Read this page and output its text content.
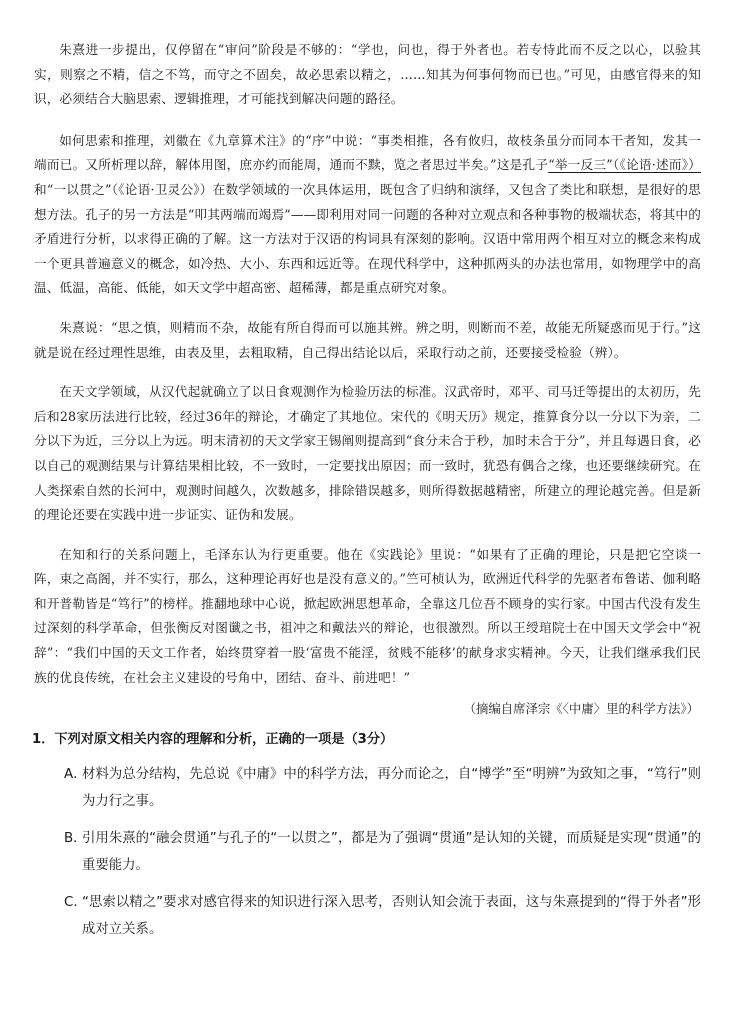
朱熹进一步提出，仅停留在“审问”阶段是不够的：“学也，问也，得于外者也。若专恃此而不反之以心，以验其实，则察之不精，信之不笃，而守之不固矣，故必思索以精之，……知其为何事何物而已也。”可见，由感官得来的知识，必须结合大脑思索、逻辑推理，才可能找到解决问题的路径。

如何思索和推理，刘徽在《九章算术注》的“序”中说：“事类相推，各有攸归，故枝条虽分而同本干者知，发其一端而已。又所析理以辞，解体用图，庶亦约而能周，通而不黩，览之者思过半矣。”这是孔子“举一反三”（《论语·述而》）和“一以贯之”（《论语·卫灵公》）在数学领域的一次具体运用，既包含了归纳和演绎，又包含了类比和联想，是很好的思想方法。孔子的另一方法是“叩其两端而竭焉”——即利用对同一问题的各种对立观点和各种事物的极端状态，将其中的矛盾进行分析，以求得正确的了解。这一方法对于汉语的构词具有深刻的影响。汉语中常用两个相互对立的概念来构成一个更具普遍意义的概念，如冷热、大小、东西和远近等。在现代科学中，这种抓两头的办法也常用，如物理学中的高温、低温，高能、低能，如天文学中超高密、超稀薄，都是重点研究对象。

朱熹说：“思之慎，则精而不杂，故能有所自得而可以施其辨。辨之明，则断而不差，故能无所疑惑而见于行。”这就是说在经过理性思维，由表及里，去粗取精，自己得出结论以后，采取行动之前，还要接受检验（辨）。

在天文学领域，从汉代起就确立了以日食观测作为检验历法的标准。汉武帝时，邓平、司马迁等提出的太初历，先后和28家历法进行比较，经过36年的辩论，才确定了其地位。宋代的《明天历》规定，推算食分以一分以下为亲，二分以下为近，三分以上为远。明末清初的天文学家王锡阐则提高到“食分未合于秒，加时未合于分”，并且每遇日食，必以自己的观测结果与计算结果相比较，不一致时，一定要找出原因；而一致时，犹恐有偶合之缘，也还要继续研究。在人类探索自然的长河中，观测时间越久，次数越多，排除错误越多，则所得数据越精密，所建立的理论越完善。但是新的理论还要在实践中进一步证实、证伪和发展。

在知和行的关系问题上，毛泽东认为行更重要。他在《实践论》里说：“如果有了正确的理论，只是把它空谈一阵，束之高阁，并不实行，那么，这种理论再好也是没有意义的。”竺可桢认为，欧洲近代科学的先驱者布鲁诺、伽利略和开普勒皆是“笃行”的榜样。推翻地球中心说，掀起欧洲思想革命，全靠这几位吾不顾身的实行家。中国古代没有发生过深刻的科学革命，但张衡反对图谶之书，祖冲之和戴法兴的辩论，也很激烈。所以王绶琯院士在中国天文学会中“祝辞”：“我们中国的天文工作者，始终贯穿着一股‘富贵不能淫，贫贱不能移’的献身求实精神。今天，让我们继承我们民族的优良传统，在社会主义建设的号角中，团结、奋斗、前进吧！”

（摘编自席泽宗《〈中庸〉里的科学方法》）
1．下列对原文相关内容的理解和分析，正确的一项是（3分）
A．材料为总分结构，先总说《中庸》中的科学方法，再分而论之，自“博学”至“明辨”为致知之事，“笃行”则为力行之事。
B．引用朱熹的“融会贯通”与孔子的“一以贯之”，都是为了强调“贯通”是认知的关键，而质疑是实现“贯通”的重要能力。
C．“思索以精之”要求对感官得来的知识进行深入思考，否则认知会流于表面，这与朱熹提到的“得于外者”形成对立关系。
